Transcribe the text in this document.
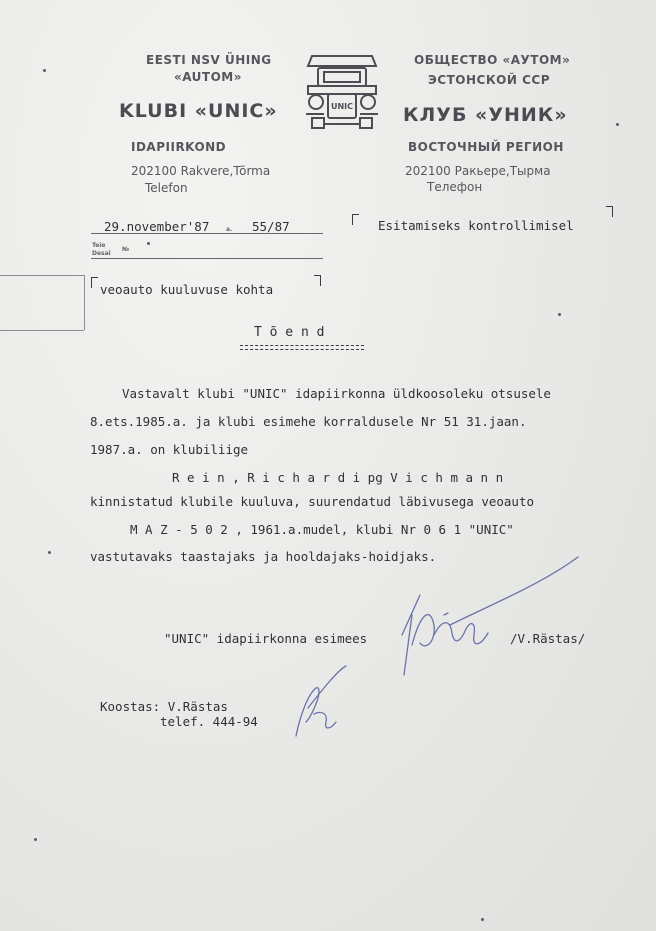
EESTI NSV ÜHING
«AUTOM»
KLUBI «UNIC»
IDAPIIRKOND
202100 Rakvere,Tõrma
Telefon
UNIC
ОБЩЕСТВО «АУТОМ»
ЭСТОНСКОЙ ССР
КЛУБ «УНИК»
ВОСТОЧНЫЙ РЕГИОН
202100 Ракьере,Тырма
Телефон
29.november'87	a. 55/87
Teie
Desai
№
Esitamiseks kontrollimisel
veoauto kuuluvuse kohta
T õ e n d
Vastavalt klubi "UNIC" idapiirkonna üldkoosoleku otsusele
8.ets.1985.a. ja klubi esimehe korraldusele Nr 51 31.jaan.
1987.a. on klubiliige
R e i n , R i c h a r d i pg V i c h m a n n
kinnistatud klubile kuuluva, suurendatud läbivusega veoauto
M A Z - 5 0 2 , 1961.a.mudel, klubi Nr 0 6 1 "UNIC"
vastutavaks taastajaks ja hooldajaks-hoidjaks.
"UNIC" idapiirkonna esimees	/V.Rästas/
Koostas: V.Rästas
telef. 444-94
